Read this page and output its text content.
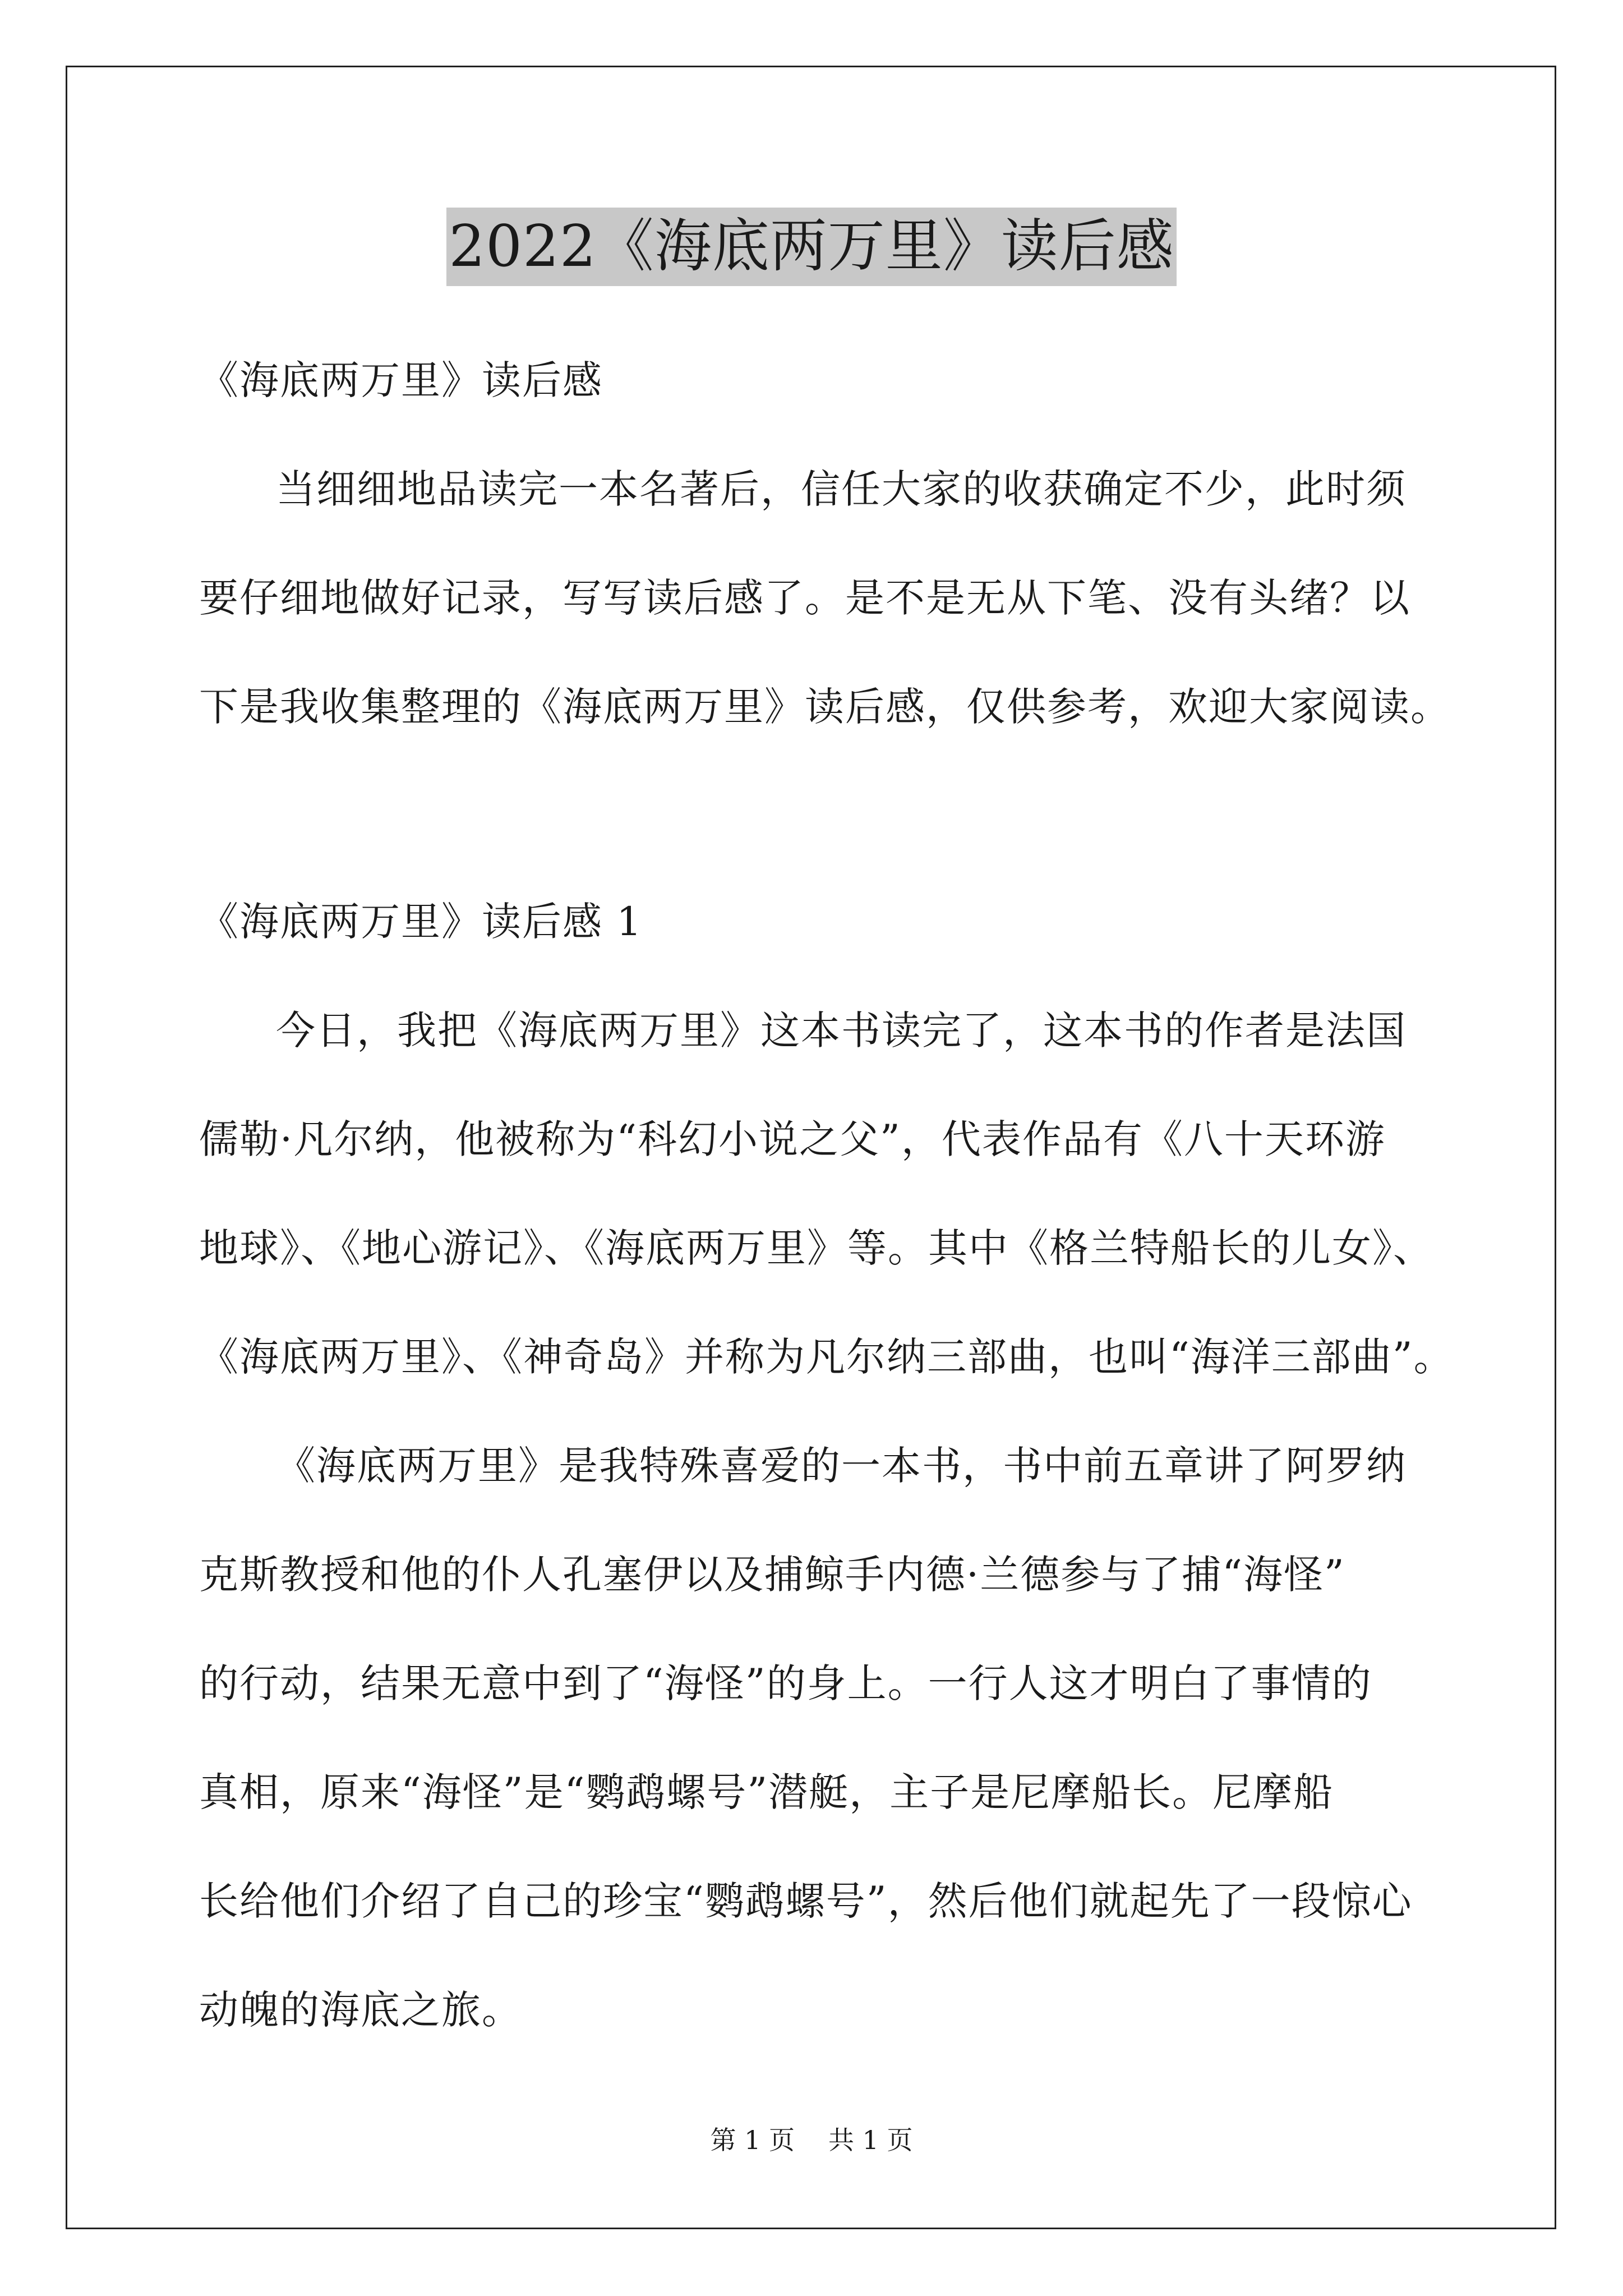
2022《海底两万里》读后感
《海底两万里》读后感
当细细地品读完一本名著后，信任大家的收获确定不少，此时须
要仔细地做好记录，写写读后感了。是不是无从下笔、没有头绪？以
下是我收集整理的《海底两万里》读后感，仅供参考，欢迎大家阅读。
《海底两万里》读后感 1
今日，我把《海底两万里》这本书读完了，这本书的作者是法国
儒勒·凡尔纳，他被称为“科幻小说之父”，代表作品有《八十天环游
地球》、《地心游记》、《海底两万里》等。其中《格兰特船长的儿女》、
《海底两万里》、《神奇岛》并称为凡尔纳三部曲，也叫“海洋三部曲”。
《海底两万里》是我特殊喜爱的一本书，书中前五章讲了阿罗纳
克斯教授和他的仆人孔塞伊以及捕鲸手内德·兰德参与了捕“海怪”
的行动，结果无意中到了“海怪”的身上。一行人这才明白了事情的
真相，原来“海怪”是“鹦鹉螺号”潜艇，主子是尼摩船长。尼摩船
长给他们介绍了自己的珍宝“鹦鹉螺号”，然后他们就起先了一段惊心
动魄的海底之旅。
第 1 页 共 1 页
